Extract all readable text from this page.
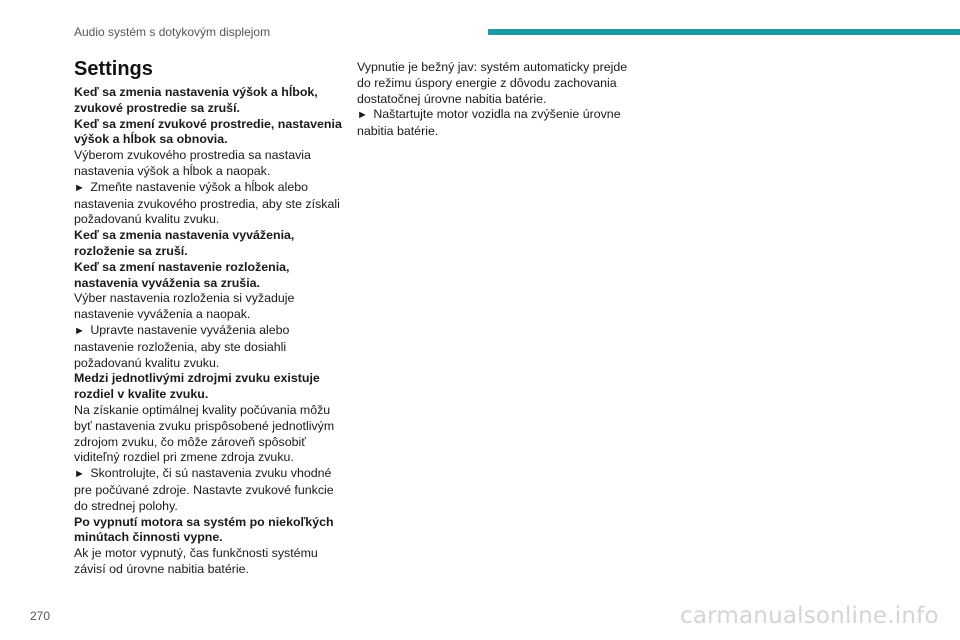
Audio systém s dotykovým displejom
Settings

Keď sa zmenia nastavenia výšok a hĺbok, zvukové prostredie sa zruší.

Keď sa zmení zvukové prostredie, nastavenia výšok a hĺbok sa obnovia.

Výberom zvukového prostredia sa nastavia nastavenia výšok a hĺbok a naopak.

► Zmeňte nastavenie výšok a hĺbok alebo nastavenia zvukového prostredia, aby ste získali požadovanú kvalitu zvuku.

Keď sa zmenia nastavenia vyváženia, rozloženie sa zruší.

Keď sa zmení nastavenie rozloženia, nastavenia vyváženia sa zrušia.

Výber nastavenia rozloženia si vyžaduje nastavenie vyváženia a naopak.

► Upravte nastavenie vyváženia alebo nastavenie rozloženia, aby ste dosiahli požadovanú kvalitu zvuku.

Medzi jednotlivými zdrojmi zvuku existuje rozdiel v kvalite zvuku.

Na získanie optimálnej kvality počúvania môžu byť nastavenia zvuku prispôsobené jednotlivým zdrojom zvuku, čo môže zároveň spôsobiť viditeľný rozdiel pri zmene zdroja zvuku.

► Skontrolujte, či sú nastavenia zvuku vhodné pre počúvané zdroje. Nastavte zvukové funkcie do strednej polohy.

Po vypnutí motora sa systém po niekoľkých minútach činnosti vypne.

Ak je motor vypnutý, čas funkčnosti systému závisí od úrovne nabitia batérie.

Vypnutie je bežný jav: systém automaticky prejde do režimu úspory energie z dôvodu zachovania dostatočnej úrovne nabitia batérie.

► Naštartujte motor vozidla na zvýšenie úrovne nabitia batérie.

270	carmanualsonline.info
